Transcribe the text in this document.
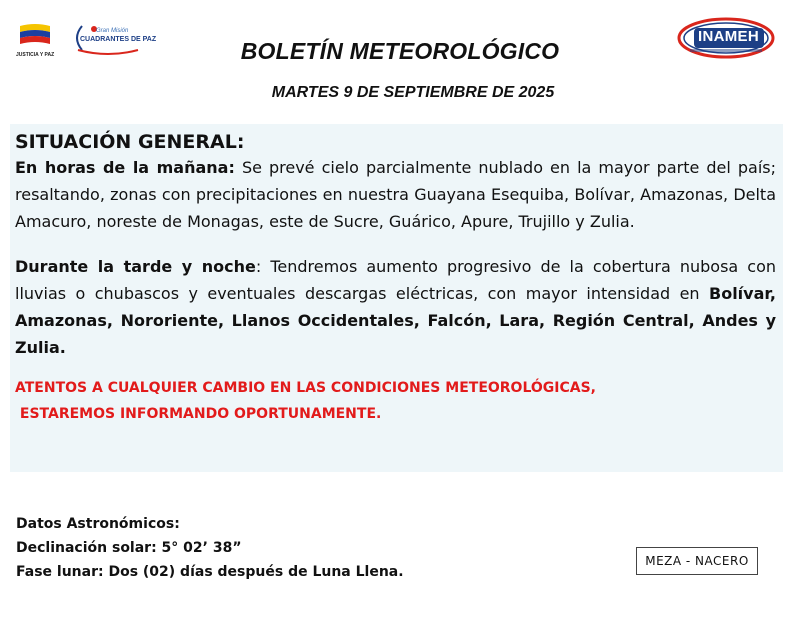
JUSTICIA Y PAZ
Gran Misión
CUADRANTES DE PAZ	INAMEH
BOLETÍN METEOROLÓGICO
MARTES 9 DE SEPTIEMBRE DE 2025
SITUACIÓN GENERAL:

En horas de la mañana: Se prevé cielo parcialmente nublado en la mayor parte del país; resaltando, zonas con precipitaciones en nuestra Guayana Esequiba, Bolívar, Amazonas, Delta Amacuro, noreste de Monagas, este de Sucre, Guárico, Apure, Trujillo y Zulia.

Durante la tarde y noche: Tendremos aumento progresivo de la cobertura nubosa con lluvias o chubascos y eventuales descargas eléctricas, con mayor intensidad en Bolívar, Amazonas, Nororiente, Llanos Occidentales, Falcón, Lara, Región Central, Andes y Zulia.

ATENTOS A CUALQUIER CAMBIO EN LAS CONDICIONES METEOROLÓGICAS,
ESTAREMOS INFORMANDO OPORTUNAMENTE.
Datos Astronómicos:
Declinación solar: 5° 02’ 38”
Fase lunar: Dos (02) días después de Luna Llena.
MEZA - NACERO
